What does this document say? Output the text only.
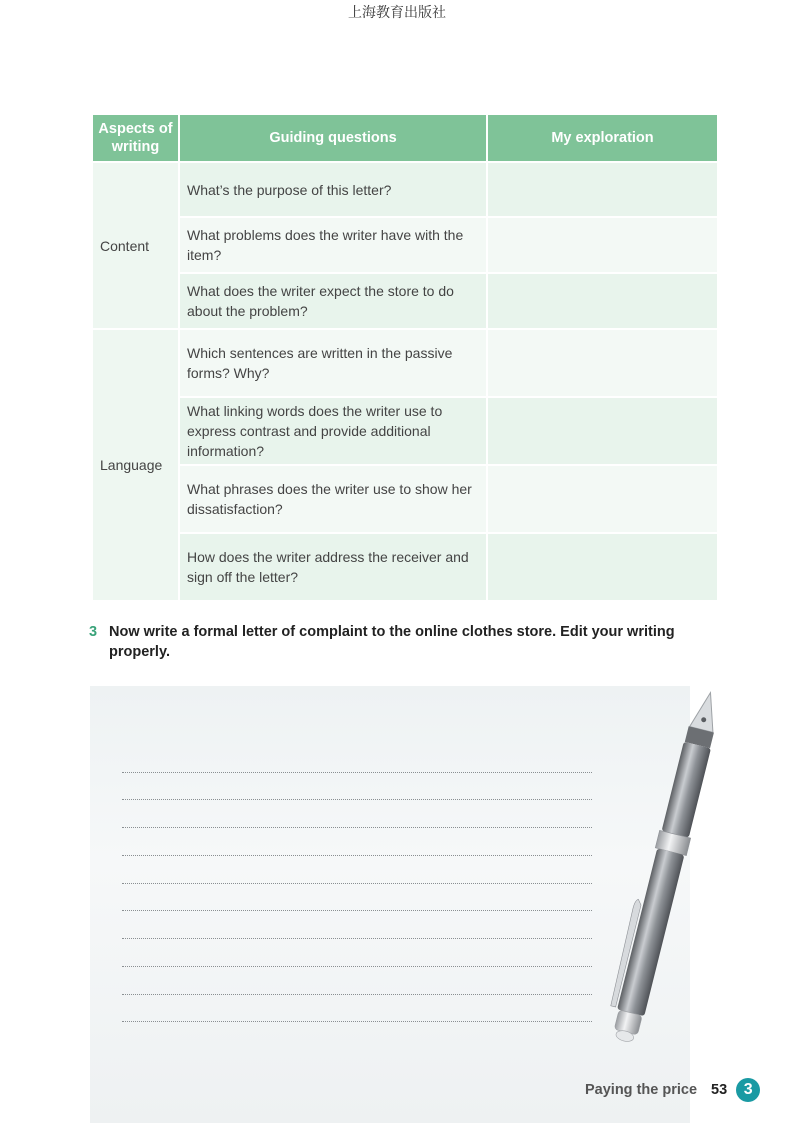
上海教育出版社
Aspects of writing	Guiding questions	My exploration
Content	What’s the purpose of this letter?	
	What problems does the writer have with the item?	
	What does the writer expect the store to do about the problem?	
Language	Which sentences are written in the passive forms? Why?	
	What linking words does the writer use to express contrast and provide additional information?	
	What phrases does the writer use to show her dissatisfaction?	
	How does the writer address the receiver and sign off the letter?	
3 Now write a formal letter of complaint to the online clothes store. Edit your writing properly.
Paying the price 53	3
